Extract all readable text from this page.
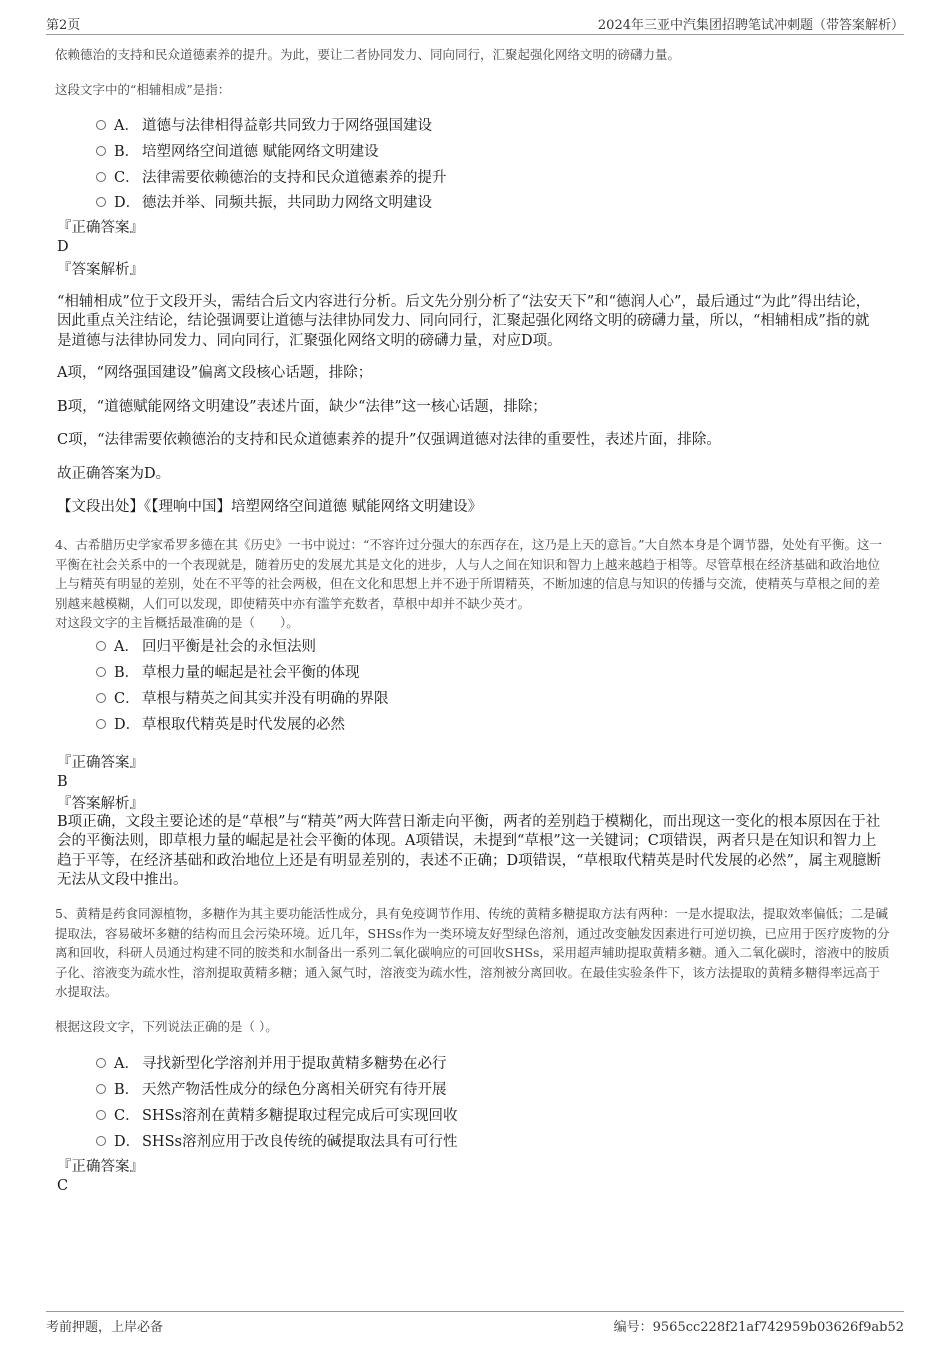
第2页	2024年三亚中汽集团招聘笔试冲刺题（带答案解析）
依赖德治的支持和民众道德素养的提升。为此，要让二者协同发力、同向同行，汇聚起强化网络文明的磅礴力量。
这段文字中的“相辅相成”是指：
A． 道德与法律相得益彰共同致力于网络强国建设
B． 培塑网络空间道德 赋能网络文明建设
C． 法律需要依赖德治的支持和民众道德素养的提升
D． 德法并举、同频共振，共同助力网络文明建设
『正确答案』
D
『答案解析』
“相辅相成”位于文段开头，需结合后文内容进行分析。后文先分别分析了“法安天下”和“德润人心”，最后通过“为此”得出结论，因此重点关注结论，结论强调要让道德与法律协同发力、同向同行，汇聚起强化网络文明的磅礴力量，所以，“相辅相成”指的就是道德与法律协同发力、同向同行，汇聚强化网络文明的磅礴力量，对应D项。
A项，“网络强国建设”偏离文段核心话题，排除；
B项，“道德赋能网络文明建设”表述片面，缺少“法律”这一核心话题，排除；
C项，“法律需要依赖德治的支持和民众道德素养的提升”仅强调道德对法律的重要性，表述片面，排除。
故正确答案为D。
【文段出处】《【理响中国】培塑网络空间道德 赋能网络文明建设》
4、古希腊历史学家希罗多德在其《历史》一书中说过：“不容许过分强大的东西存在，这乃是上天的意旨。”大自然本身是个调节器，处处有平衡。这一平衡在社会关系中的一个表现就是，随着历史的发展尤其是文化的进步，人与人之间在知识和智力上越来越趋于相等。尽管草根在经济基础和政治地位上与精英有明显的差别，处在不平等的社会两极，但在文化和思想上并不逊于所谓精英，不断加速的信息与知识的传播与交流，使精英与草根之间的差别越来越模糊，人们可以发现，即使精英中亦有滥竽充数者，草根中却并不缺少英才。
对这段文字的主旨概括最准确的是（　　）。
A． 回归平衡是社会的永恒法则
B． 草根力量的崛起是社会平衡的体现
C． 草根与精英之间其实并没有明确的界限
D． 草根取代精英是时代发展的必然
『正确答案』
B
『答案解析』
B项正确，文段主要论述的是“草根”与“精英”两大阵营日渐走向平衡，两者的差别趋于模糊化，而出现这一变化的根本原因在于社会的平衡法则，即草根力量的崛起是社会平衡的体现。A项错误，未提到“草根”这一关键词；C项错误，两者只是在知识和智力上趋于平等，在经济基础和政治地位上还是有明显差别的，表述不正确；D项错误，“草根取代精英是时代发展的必然”，属主观臆断无法从文段中推出。
5、黄精是药食同源植物，多糖作为其主要功能活性成分，具有免疫调节作用、传统的黄精多糖提取方法有两种：一是水提取法，提取效率偏低；二是碱提取法，容易破坏多糖的结构而且会污染环境。近几年，SHSs作为一类环境友好型绿色溶剂，通过改变触发因素进行可逆切换，已应用于医疗废物的分离和回收，科研人员通过构建不同的胺类和水制备出一系列二氧化碳响应的可回收SHSs，采用超声辅助提取黄精多糖。通入二氧化碳时，溶液中的胺质子化、溶液变为疏水性，溶剂提取黄精多糖；通入氮气时，溶液变为疏水性，溶剂被分离回收。在最佳实验条件下，该方法提取的黄精多糖得率远高于水提取法。
根据这段文字，下列说法正确的是（ ）。
A． 寻找新型化学溶剂并用于提取黄精多糖势在必行
B． 天然产物活性成分的绿色分离相关研究有待开展
C． SHSs溶剂在黄精多糖提取过程完成后可实现回收
D． SHSs溶剂应用于改良传统的碱提取法具有可行性
『正确答案』
C
考前押题，上岸必备	编号：9565cc228f21af742959b03626f9ab52
